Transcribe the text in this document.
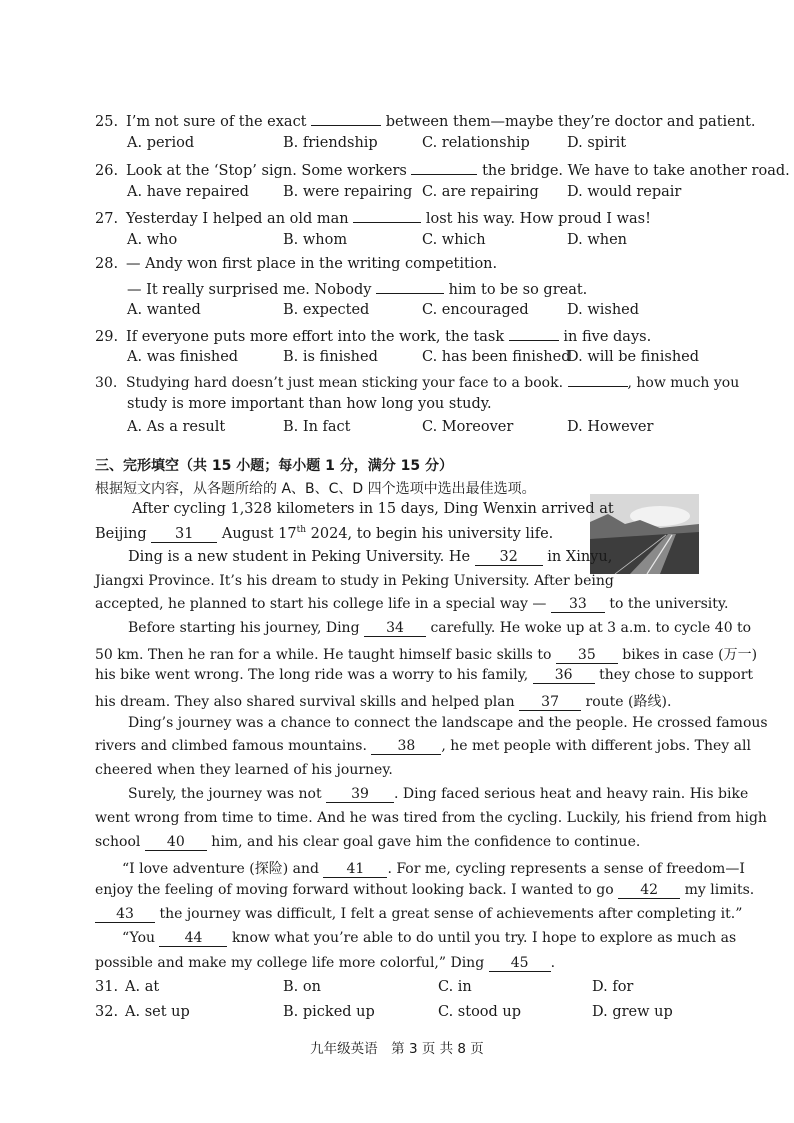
25. I’m not sure of the exact	between them—maybe they’re doctor and patient.
A. period	B. friendship	C. relationship	D. spirit
26. Look at the ‘Stop’ sign. Some workers	the bridge. We have to take another road.
A. have repaired B. were repairing C. are repairing D. would repair
27. Yesterday I helped an old man	lost his way. How proud I was!
A. who	B. whom	C. which	D. when
28. — Andy won first place in the writing competition.
— It really surprised me. Nobody	him to be so great.
A. wanted	B. expected	C. encouraged	D. wished
29. If everyone puts more effort into the work, the task	in five days.
A. was finished	B. is finished	C. has been finished
D. will be finished
30. Studying hard doesn’t just mean sticking your face to a book.	, how much you
study is more important than how long you study.
A. As a result	B. In fact	C. Moreover	D. However
三、完形填空（共 15 小题；每小题 1 分，满分 15 分）
根据短文内容，从各题所给的 A、B、C、D 四个选项中选出最佳选项。
After cycling 1,328 kilometers in 15 days, Ding Wenxin arrived at
Beijing 31 August 17th 2024, to begin his university life.
Ding is a new student in Peking University. He 32 in Xinyu,
Jiangxi Province. It’s his dream to study in Peking University. After being
accepted, he planned to start his college life in a special way — 33 to the university.
Before starting his journey, Ding 34 carefully. He woke up at 3 a.m. to cycle 40 to
50 km. Then he ran for a while. He taught himself basic skills to 35 bikes in case (万一)
his bike went wrong. The long ride was a worry to his family, 36 they chose to support
his dream. They also shared survival skills and helped plan 37 route (路线).
Ding’s journey was a chance to connect the landscape and the people. He crossed famous
rivers and climbed famous mountains. 38 , he met people with different jobs. They all
cheered when they learned of his journey.
Surely, the journey was not 39 . Ding faced serious heat and heavy rain. His bike
went wrong from time to time. And he was tired from the cycling. Luckily, his friend from high
school 40 him, and his clear goal gave him the confidence to continue.
“I love adventure (探险) and 41 . For me, cycling represents a sense of freedom—I
enjoy the feeling of moving forward without looking back. I wanted to go 42 my limits.
43 the journey was difficult, I felt a great sense of achievements after completing it.”
“You 44 know what you’re able to do until you try. I hope to explore as much as
possible and make my college life more colorful,” Ding 45 .
31. A. at	B. on	C. in	D. for
32. A. set up	B. picked up	C. stood up	D. grew up
九年级英语　第 3 页 共 8 页
